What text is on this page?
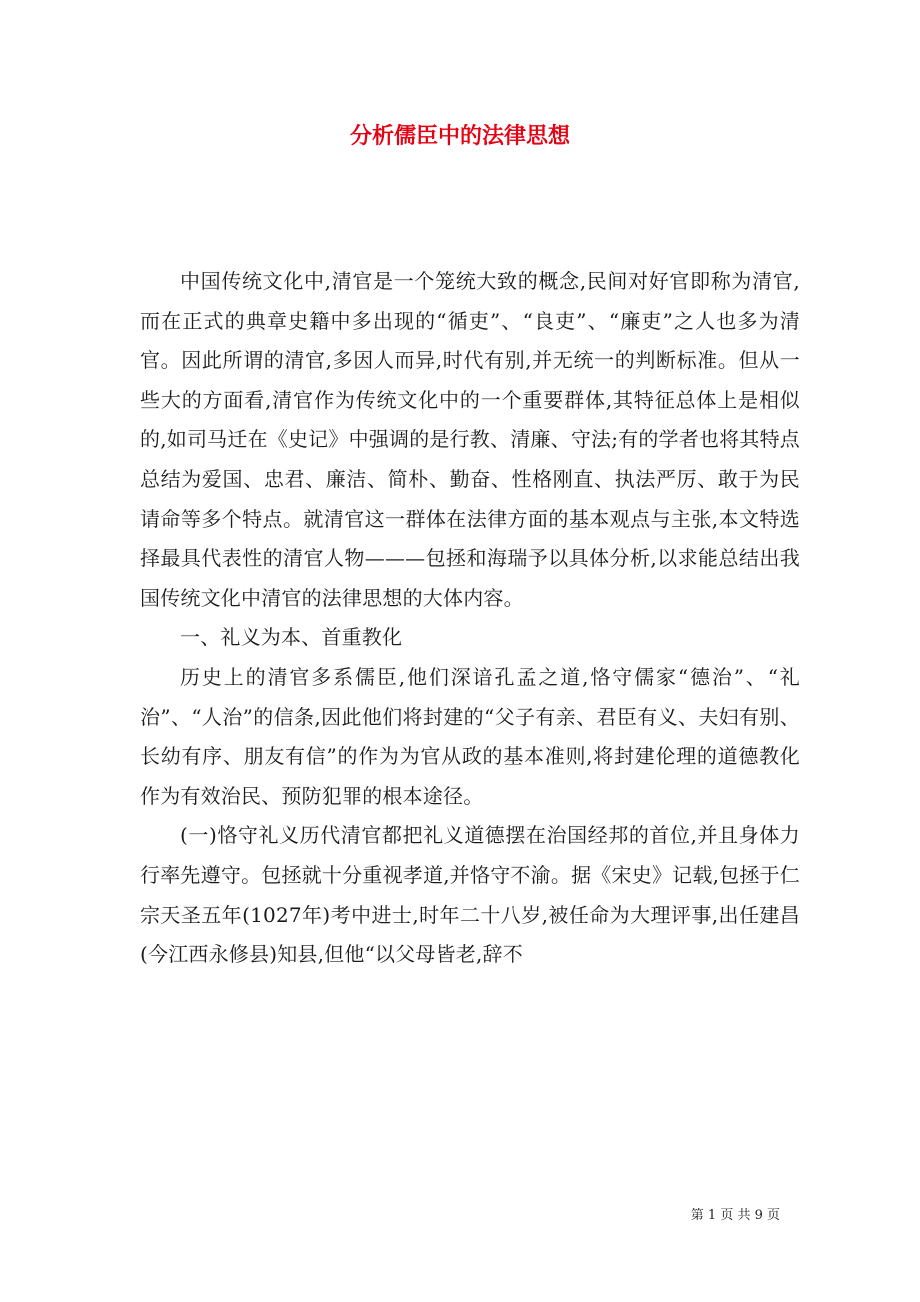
分析儒臣中的法律思想

中国传统文化中,清官是一个笼统大致的概念,民间对好官即称为清官,而在正式的典章史籍中多出现的“循吏”、“良吏”、“廉吏”之人也多为清官。因此所谓的清官,多因人而异,时代有别,并无统一的判断标准。但从一些大的方面看,清官作为传统文化中的一个重要群体,其特征总体上是相似的,如司马迁在《史记》中强调的是行教、清廉、守法;有的学者也将其特点总结为爱国、忠君、廉洁、简朴、勤奋、性格刚直、执法严厉、敢于为民请命等多个特点。就清官这一群体在法律方面的基本观点与主张,本文特选择最具代表性的清官人物———包拯和海瑞予以具体分析,以求能总结出我国传统文化中清官的法律思想的大体内容。

一、礼义为本、首重教化

历史上的清官多系儒臣,他们深谙孔孟之道,恪守儒家“德治”、“礼治”、“人治”的信条,因此他们将封建的“父子有亲、君臣有义、夫妇有别、长幼有序、朋友有信”的作为为官从政的基本准则,将封建伦理的道德教化作为有效治民、预防犯罪的根本途径。

(一)恪守礼义历代清官都把礼义道德摆在治国经邦的首位,并且身体力行率先遵守。包拯就十分重视孝道,并恪守不渝。据《宋史》记载,包拯于仁宗天圣五年(1027年)考中进士,时年二十八岁,被任命为大理评事,出任建昌(今江西永修县)知县,但他“以父母皆老,辞不

第 1 页 共 9 页
